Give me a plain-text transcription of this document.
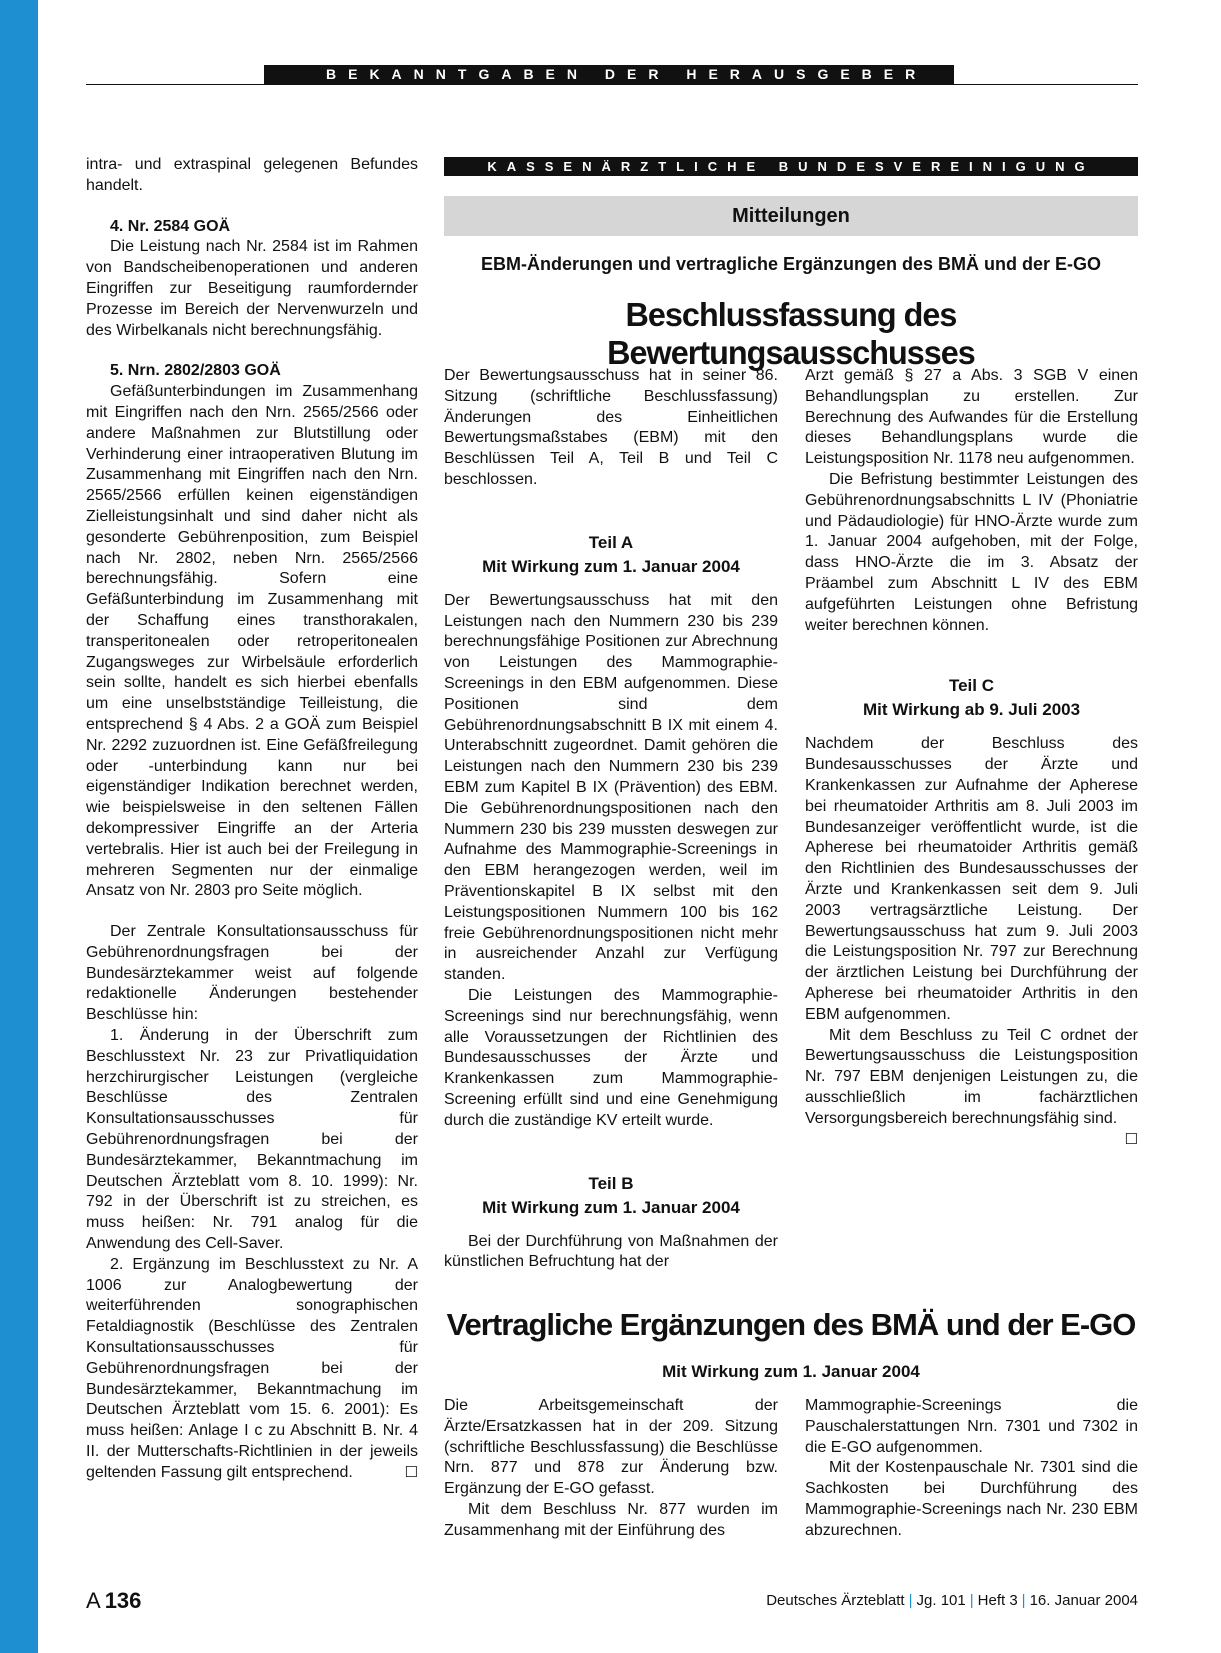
BEKANNTGABEN DER HERAUSGEBER

intra- und extraspinal gelegenen Befundes handelt.

4. Nr. 2584 GOÄ

Die Leistung nach Nr. 2584 ist im Rahmen von Bandscheibenoperationen und anderen Eingriffen zur Beseitigung raumfordernder Prozesse im Bereich der Nervenwurzeln und des Wirbelkanals nicht berechnungsfähig.

5. Nrn. 2802/2803 GOÄ

Gefäßunterbindungen im Zusammenhang mit Eingriffen nach den Nrn. 2565/2566 oder andere Maßnahmen zur Blutstillung oder Verhinderung einer intraoperativen Blutung im Zusammenhang mit Eingriffen nach den Nrn. 2565/2566 erfüllen keinen eigenständigen Zielleistungsinhalt und sind daher nicht als gesonderte Gebührenposition, zum Beispiel nach Nr. 2802, neben Nrn. 2565/2566 berechnungsfähig. Sofern eine Gefäßunterbindung im Zusammenhang mit der Schaffung eines transthorakalen, transperitonealen oder retroperitonealen Zugangsweges zur Wirbelsäule erforderlich sein sollte, handelt es sich hierbei ebenfalls um eine unselbstständige Teilleistung, die entsprechend § 4 Abs. 2 a GOÄ zum Beispiel Nr. 2292 zuzuordnen ist. Eine Gefäßfreilegung oder -unterbindung kann nur bei eigenständiger Indikation berechnet werden, wie beispielsweise in den seltenen Fällen dekompressiver Eingriffe an der Arteria vertebralis. Hier ist auch bei der Freilegung in mehreren Segmenten nur der einmalige Ansatz von Nr. 2803 pro Seite möglich.

Der Zentrale Konsultationsausschuss für Gebührenordnungsfragen bei der Bundesärztekammer weist auf folgende redaktionelle Änderungen bestehender Beschlüsse hin:

1. Änderung in der Überschrift zum Beschlusstext Nr. 23 zur Privatliquidation herzchirurgischer Leistungen (vergleiche Beschlüsse des Zentralen Konsultationsausschusses für Gebührenordnungsfragen bei der Bundesärztekammer, Bekanntmachung im Deutschen Ärzteblatt vom 8. 10. 1999): Nr. 792 in der Überschrift ist zu streichen, es muss heißen: Nr. 791 analog für die Anwendung des Cell-Saver.

2. Ergänzung im Beschlusstext zu Nr. A 1006 zur Analogbewertung der weiterführenden sonographischen Fetaldiagnostik (Beschlüsse des Zentralen Konsultationsausschusses für Gebührenordnungsfragen bei der Bundesärztekammer, Bekanntmachung im Deutschen Ärzteblatt vom 15. 6. 2001): Es muss heißen: Anlage I c zu Abschnitt B. Nr. 4 II. der Mutterschafts-Richtlinien in der jeweils geltenden Fassung gilt entsprechend.	☐

KASSENÄRZTLICHE BUNDESVEREINIGUNG
Mitteilungen
EBM-Änderungen und vertragliche Ergänzungen des BMÄ und der E-GO
Beschlussfassung des Bewertungsausschusses

Der Bewertungsausschuss hat in seiner 86. Sitzung (schriftliche Beschlussfassung) Änderungen des Einheitlichen Bewertungsmaßstabes (EBM) mit den Beschlüssen Teil A, Teil B und Teil C beschlossen.

Teil A
Mit Wirkung zum 1. Januar 2004

Der Bewertungsausschuss hat mit den Leistungen nach den Nummern 230 bis 239 berechnungsfähige Positionen zur Abrechnung von Leistungen des Mammographie-Screenings in den EBM aufgenommen. Diese Positionen sind dem Gebührenordnungsabschnitt B IX mit einem 4. Unterabschnitt zugeordnet. Damit gehören die Leistungen nach den Nummern 230 bis 239 EBM zum Kapitel B IX (Prävention) des EBM. Die Gebührenordnungspositionen nach den Nummern 230 bis 239 mussten deswegen zur Aufnahme des Mammographie-Screenings in den EBM herangezogen werden, weil im Präventionskapitel B IX selbst mit den Leistungspositionen Nummern 100 bis 162 freie Gebührenordnungspositionen nicht mehr in ausreichender Anzahl zur Verfügung standen.

Die Leistungen des Mammographie-Screenings sind nur berechnungsfähig, wenn alle Voraussetzungen der Richtlinien des Bundesausschusses der Ärzte und Krankenkassen zum Mammographie-Screening erfüllt sind und eine Genehmigung durch die zuständige KV erteilt wurde.

Teil B
Mit Wirkung zum 1. Januar 2004

Bei der Durchführung von Maßnahmen der künstlichen Befruchtung hat der

Arzt gemäß § 27 a Abs. 3 SGB V einen Behandlungsplan zu erstellen. Zur Berechnung des Aufwandes für die Erstellung dieses Behandlungsplans wurde die Leistungsposition Nr. 1178 neu aufgenommen.

Die Befristung bestimmter Leistungen des Gebührenordnungsabschnitts L IV (Phoniatrie und Pädaudiologie) für HNO-Ärzte wurde zum 1. Januar 2004 aufgehoben, mit der Folge, dass HNO-Ärzte die im 3. Absatz der Präambel zum Abschnitt L IV des EBM aufgeführten Leistungen ohne Befristung weiter berechnen können.

Teil C
Mit Wirkung ab 9. Juli 2003

Nachdem der Beschluss des Bundesausschusses der Ärzte und Krankenkassen zur Aufnahme der Apherese bei rheumatoider Arthritis am 8. Juli 2003 im Bundesanzeiger veröffentlicht wurde, ist die Apherese bei rheumatoider Arthritis gemäß den Richtlinien des Bundesausschusses der Ärzte und Krankenkassen seit dem 9. Juli 2003 vertragsärztliche Leistung. Der Bewertungsausschuss hat zum 9. Juli 2003 die Leistungsposition Nr. 797 zur Berechnung der ärztlichen Leistung bei Durchführung der Apherese bei rheumatoider Arthritis in den EBM aufgenommen.

Mit dem Beschluss zu Teil C ordnet der Bewertungsausschuss die Leistungsposition Nr. 797 EBM denjenigen Leistungen zu, die ausschließlich im fachärztlichen Versorgungsbereich berechnungsfähig sind.
☐

Vertragliche Ergänzungen des BMÄ und der E-GO
Mit Wirkung zum 1. Januar 2004

Die Arbeitsgemeinschaft der Ärzte/Ersatzkassen hat in der 209. Sitzung (schriftliche Beschlussfassung) die Beschlüsse Nrn. 877 und 878 zur Änderung bzw. Ergänzung der E-GO gefasst.

Mit dem Beschluss Nr. 877 wurden im Zusammenhang mit der Einführung des

Mammographie-Screenings die Pauschalerstattungen Nrn. 7301 und 7302 in die E-GO aufgenommen.

Mit der Kostenpauschale Nr. 7301 sind die Sachkosten bei Durchführung des Mammographie-Screenings nach Nr. 230 EBM abzurechnen.

A 136	Deutsches Ärzteblatt | Jg. 101 | Heft 3 | 16. Januar 2004
